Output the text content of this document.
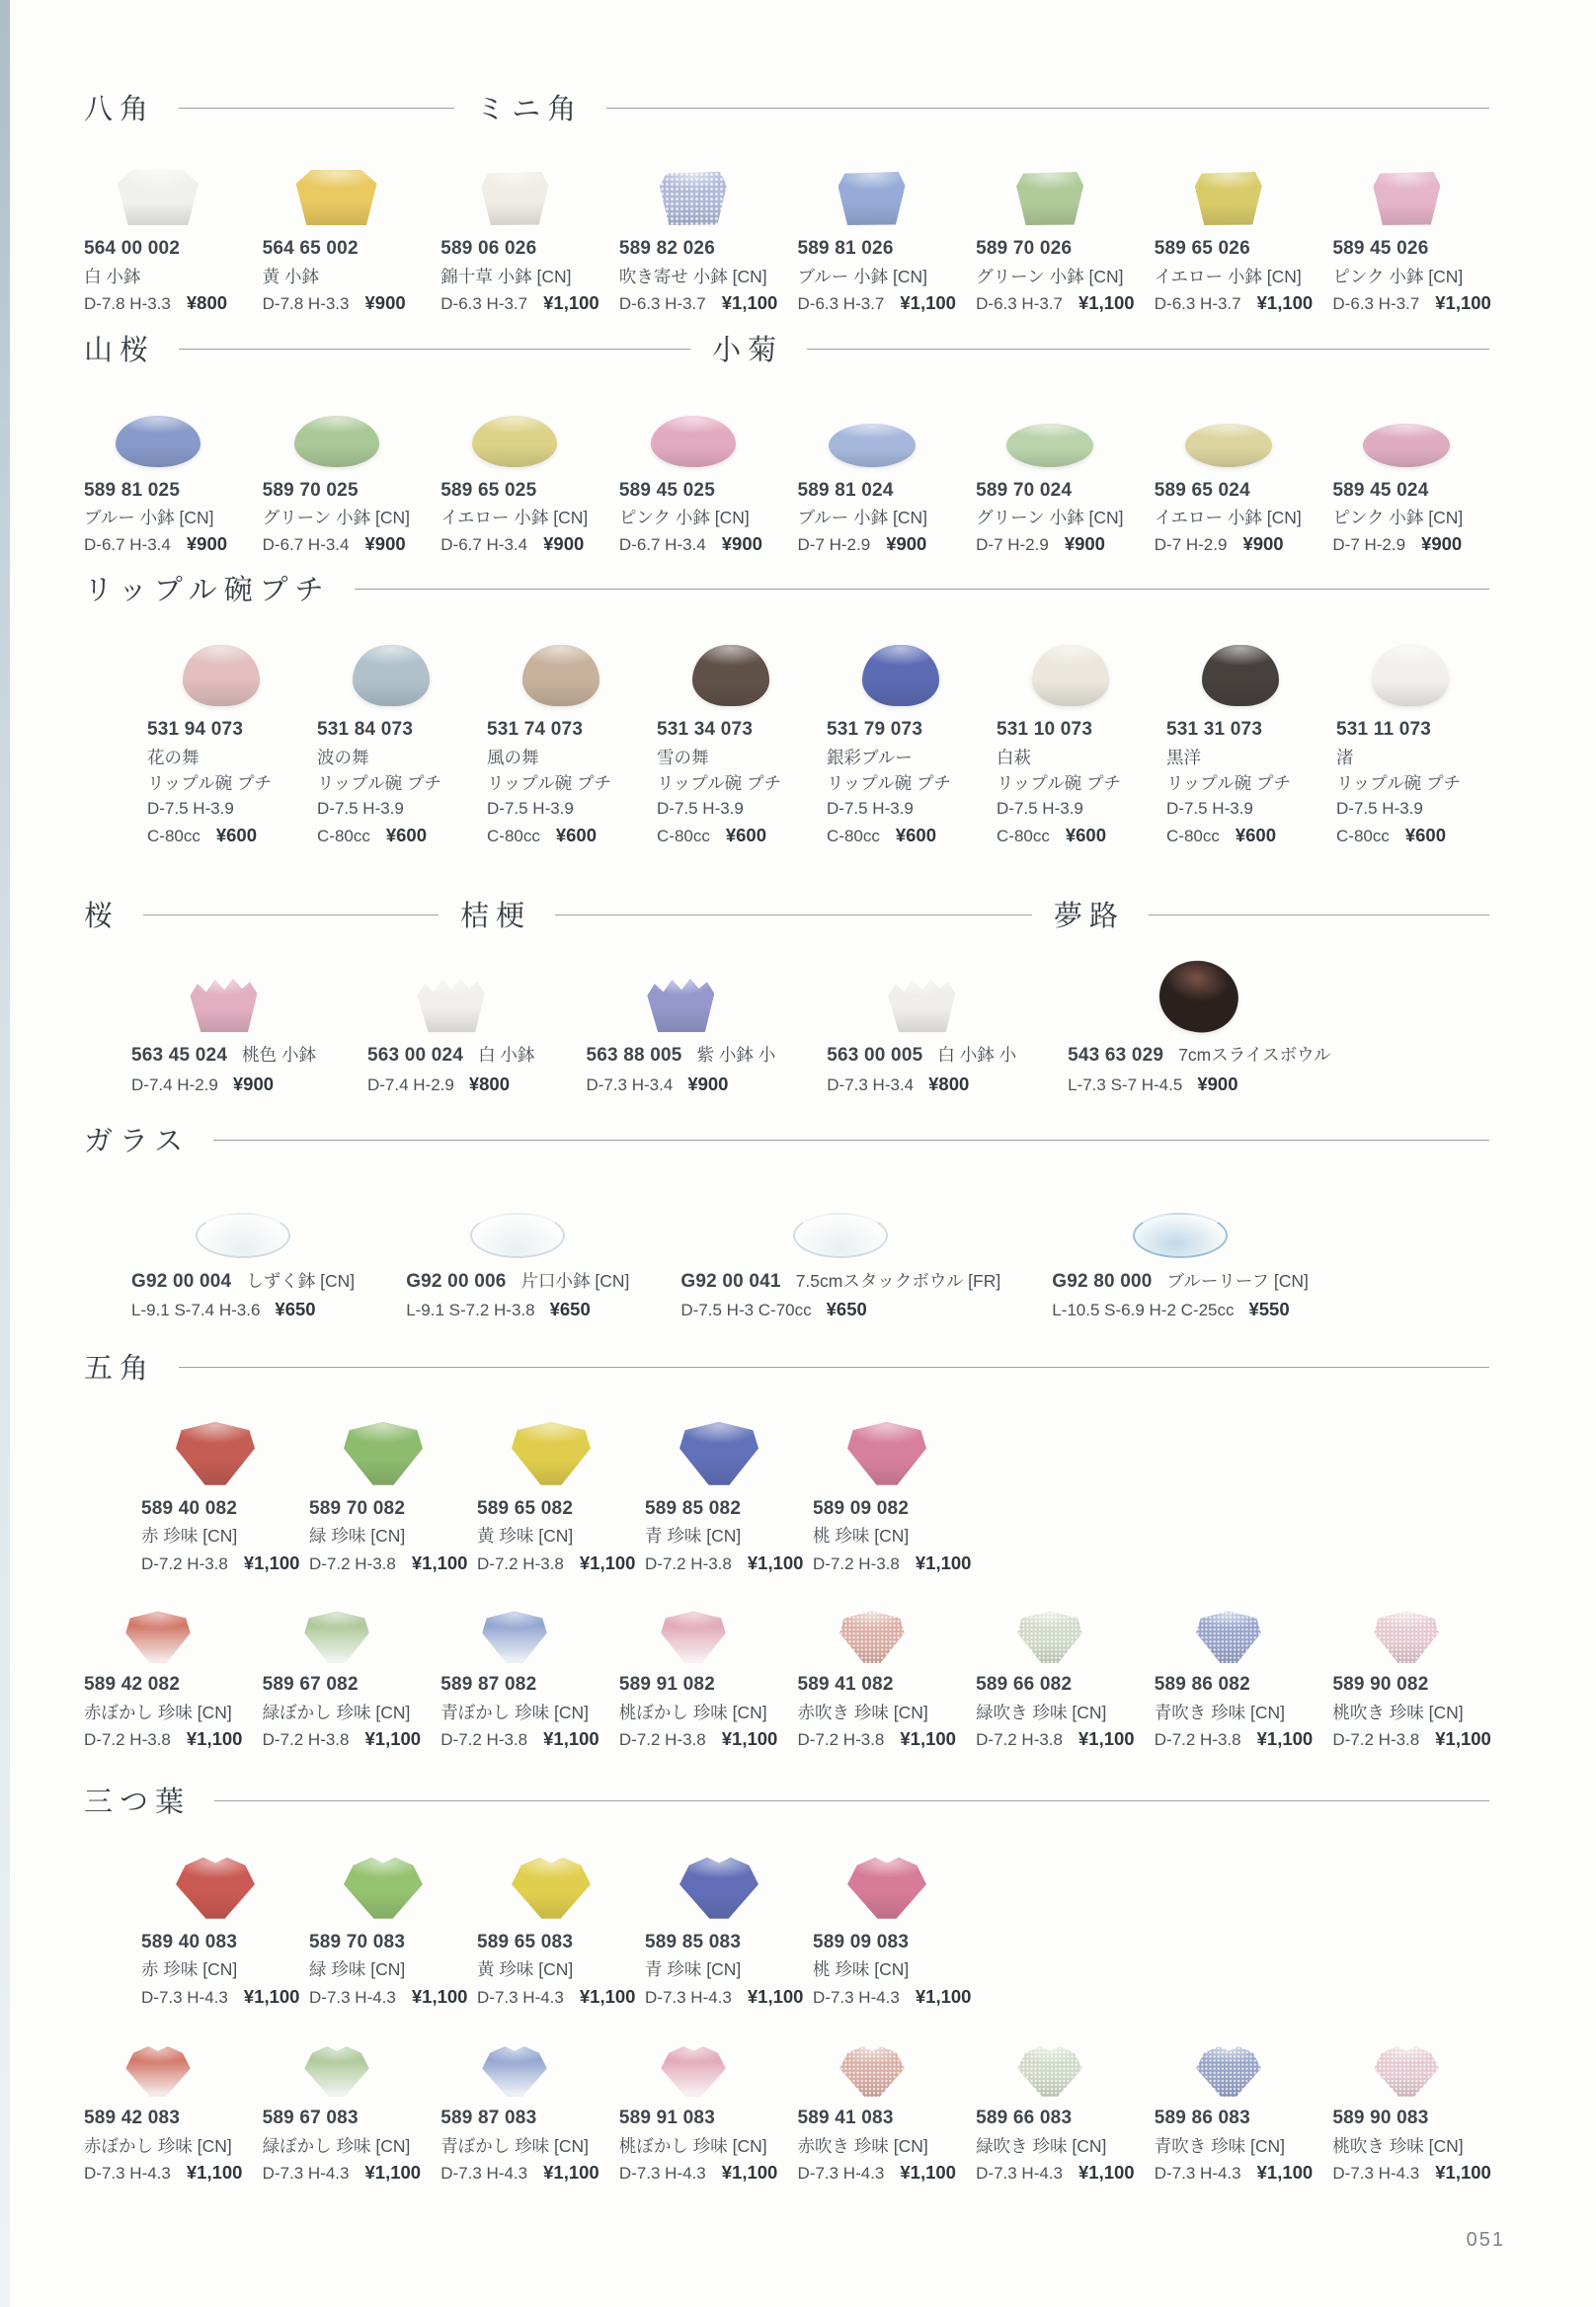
八角	ミニ角
564 00 002
白 小鉢
D-7.8 H-3.3 ¥800
564 65 002
黄 小鉢
D-7.8 H-3.3 ¥900
589 06 026
錦十草 小鉢 [CN]
D-6.3 H-3.7 ¥1,100
589 82 026
吹き寄せ 小鉢 [CN]
D-6.3 H-3.7 ¥1,100
589 81 026
ブルー 小鉢 [CN]
D-6.3 H-3.7 ¥1,100
589 70 026
グリーン 小鉢 [CN]
D-6.3 H-3.7 ¥1,100
589 65 026
イエロー 小鉢 [CN]
D-6.3 H-3.7 ¥1,100
589 45 026
ピンク 小鉢 [CN]
D-6.3 H-3.7 ¥1,100
山桜	小菊
589 81 025
ブルー 小鉢 [CN]
D-6.7 H-3.4 ¥900
589 70 025
グリーン 小鉢 [CN]
D-6.7 H-3.4 ¥900
589 65 025
イエロー 小鉢 [CN]
D-6.7 H-3.4 ¥900
589 45 025
ピンク 小鉢 [CN]
D-6.7 H-3.4 ¥900
589 81 024
ブルー 小鉢 [CN]
D-7 H-2.9 ¥900
589 70 024
グリーン 小鉢 [CN]
D-7 H-2.9 ¥900
589 65 024
イエロー 小鉢 [CN]
D-7 H-2.9 ¥900
589 45 024
ピンク 小鉢 [CN]
D-7 H-2.9 ¥900
リップル碗プチ
531 94 073
花の舞
リップル碗 プチ
D-7.5 H-3.9
C-80cc ¥600
531 84 073
波の舞
リップル碗 プチ
D-7.5 H-3.9
C-80cc ¥600
531 74 073
風の舞
リップル碗 プチ
D-7.5 H-3.9
C-80cc ¥600
531 34 073
雪の舞
リップル碗 プチ
D-7.5 H-3.9
C-80cc ¥600
531 79 073
銀彩ブルー
リップル碗 プチ
D-7.5 H-3.9
C-80cc ¥600
531 10 073
白萩
リップル碗 プチ
D-7.5 H-3.9
C-80cc ¥600
531 31 073
黒洋
リップル碗 プチ
D-7.5 H-3.9
C-80cc ¥600
531 11 073
渚
リップル碗 プチ
D-7.5 H-3.9
C-80cc ¥600
桜	桔梗	夢路
563 45 024 桃色 小鉢
D-7.4 H-2.9 ¥900
563 00 024 白 小鉢
D-7.4 H-2.9 ¥800
563 88 005 紫 小鉢 小
D-7.3 H-3.4 ¥900
563 00 005 白 小鉢 小
D-7.3 H-3.4 ¥800
543 63 029 7cmスライスボウル
L-7.3 S-7 H-4.5 ¥900
ガラス
G92 00 004 しずく鉢 [CN]
L-9.1 S-7.4 H-3.6 ¥650
G92 00 006 片口小鉢 [CN]
L-9.1 S-7.2 H-3.8 ¥650
G92 00 041 7.5cmスタックボウル [FR]
D-7.5 H-3 C-70cc ¥650
G92 80 000 ブルーリーフ [CN]
L-10.5 S-6.9 H-2 C-25cc ¥550
五角
589 40 082
赤 珍味 [CN]
D-7.2 H-3.8 ¥1,100
589 70 082
緑 珍味 [CN]
D-7.2 H-3.8 ¥1,100
589 65 082
黄 珍味 [CN]
D-7.2 H-3.8 ¥1,100
589 85 082
青 珍味 [CN]
D-7.2 H-3.8 ¥1,100
589 09 082
桃 珍味 [CN]
D-7.2 H-3.8 ¥1,100
589 42 082
赤ぼかし 珍味 [CN]
D-7.2 H-3.8 ¥1,100
589 67 082
緑ぼかし 珍味 [CN]
D-7.2 H-3.8 ¥1,100
589 87 082
青ぼかし 珍味 [CN]
D-7.2 H-3.8 ¥1,100
589 91 082
桃ぼかし 珍味 [CN]
D-7.2 H-3.8 ¥1,100
589 41 082
赤吹き 珍味 [CN]
D-7.2 H-3.8 ¥1,100
589 66 082
緑吹き 珍味 [CN]
D-7.2 H-3.8 ¥1,100
589 86 082
青吹き 珍味 [CN]
D-7.2 H-3.8 ¥1,100
589 90 082
桃吹き 珍味 [CN]
D-7.2 H-3.8 ¥1,100
三つ葉
589 40 083
赤 珍味 [CN]
D-7.3 H-4.3 ¥1,100
589 70 083
緑 珍味 [CN]
D-7.3 H-4.3 ¥1,100
589 65 083
黄 珍味 [CN]
D-7.3 H-4.3 ¥1,100
589 85 083
青 珍味 [CN]
D-7.3 H-4.3 ¥1,100
589 09 083
桃 珍味 [CN]
D-7.3 H-4.3 ¥1,100
589 42 083
赤ぼかし 珍味 [CN]
D-7.3 H-4.3 ¥1,100
589 67 083
緑ぼかし 珍味 [CN]
D-7.3 H-4.3 ¥1,100
589 87 083
青ぼかし 珍味 [CN]
D-7.3 H-4.3 ¥1,100
589 91 083
桃ぼかし 珍味 [CN]
D-7.3 H-4.3 ¥1,100
589 41 083
赤吹き 珍味 [CN]
D-7.3 H-4.3 ¥1,100
589 66 083
緑吹き 珍味 [CN]
D-7.3 H-4.3 ¥1,100
589 86 083
青吹き 珍味 [CN]
D-7.3 H-4.3 ¥1,100
589 90 083
桃吹き 珍味 [CN]
D-7.3 H-4.3 ¥1,100
051
